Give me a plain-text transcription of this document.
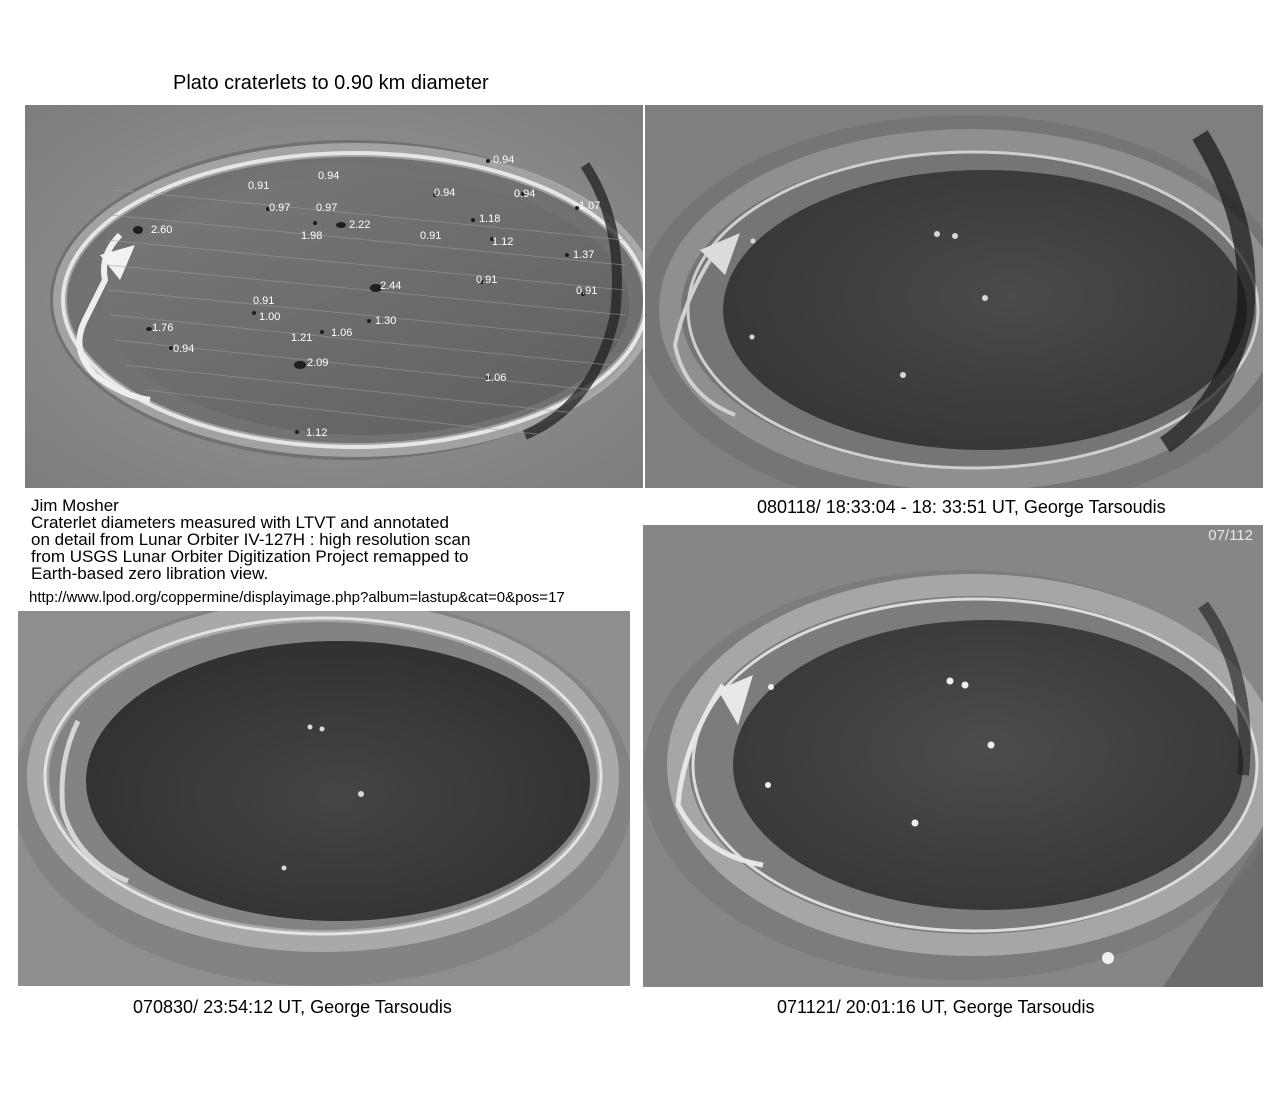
Plato craterlets to 0.90 km diameter
0.94
0.91
0.94
0.94	0.94
1.07
0.97 0.97
1.18
2.60	1.98
2.22
0.91	1.12
1.37
0.91
2.44	0.91
0.91
1.00	1.30
1.76
1.21 1.06
0.94
2.09
1.06
1.12
07/112
Jim Mosher
Craterlet diameters measured with LTVT and annotated
on detail from Lunar Orbiter IV-127H : high resolution scan
from USGS Lunar Orbiter Digitization Project remapped to
Earth-based zero libration view.
http://www.lpod.org/coppermine/displayimage.php?album=lastup&cat=0&pos=17
080118/ 18:33:04 - 18: 33:51 UT, George Tarsoudis
070830/ 23:54:12 UT, George Tarsoudis	071121/ 20:01:16 UT, George Tarsoudis
